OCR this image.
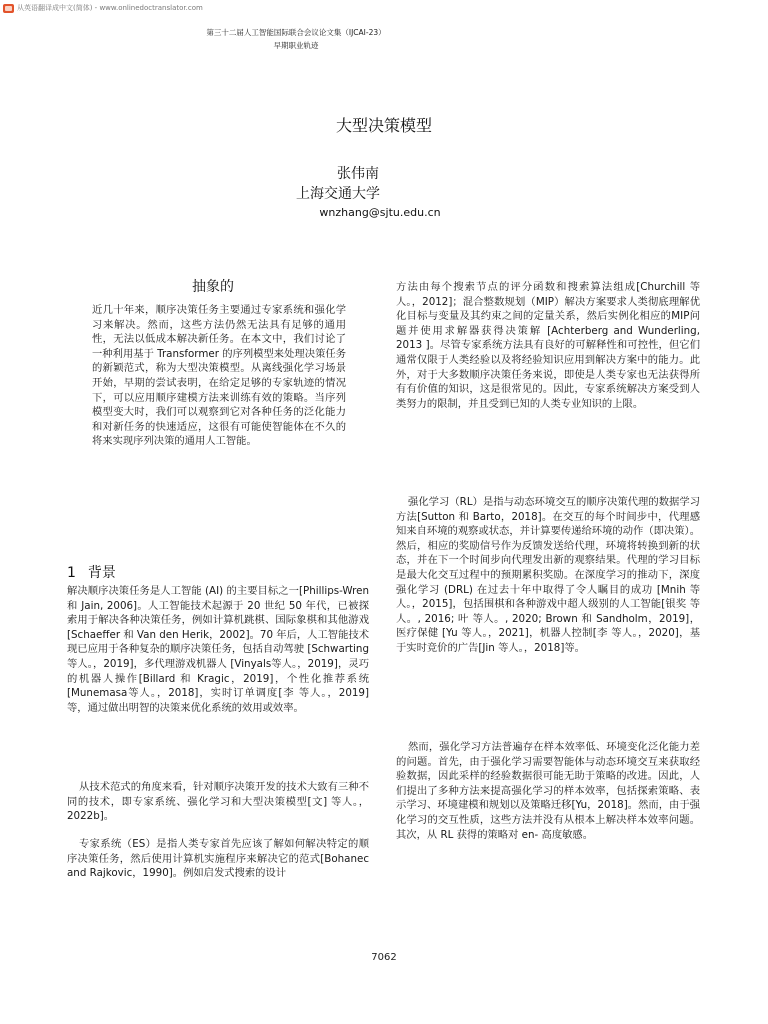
从英语翻译成中文(简体) - www.onlinedoctranslator.com
第三十二届人工智能国际联合会议论文集（IJCAI-23）
早期职业轨迹
大型决策模型
张伟南
上海交通大学
wnzhang@sjtu.edu.cn
抽象的

近几十年来，顺序决策任务主要通过专家系统和强化学习来解决。然而，这些方法仍然无法具有足够的通用性，无法以低成本解决新任务。在本文中，我们讨论了一种利用基于 Transformer 的序列模型来处理决策任务的新颖范式，称为大型决策模型。从离线强化学习场景开始，早期的尝试表明，在给定足够的专家轨迹的情况下，可以应用顺序建模方法来训练有效的策略。当序列模型变大时，我们可以观察到它对各种任务的泛化能力和对新任务的快速适应，这很有可能使智能体在不久的将来实现序列决策的通用人工智能。

1 背景

解决顺序决策任务是人工智能 (AI) 的主要目标之一[Phillips-Wren 和 Jain, 2006]。人工智能技术起源于 20 世纪 50 年代，已被探索用于解决各种决策任务，例如计算机跳棋、国际象棋和其他游戏 [Schaeffer 和 Van den Herik，2002]。70 年后，人工智能技术现已应用于各种复杂的顺序决策任务，包括自动驾驶 [Schwarting 等人。，2019]，多代理游戏机器人 [Vinyals等人。，2019]，灵巧的机器人操作[Billard 和 Kragic，2019]，个性化推荐系统[Munemasa等人。，2018]，实时订单调度[李 等人。，2019]等，通过做出明智的决策来优化系统的效用或效率。

从技术范式的角度来看，针对顺序决策开发的技术大致有三种不同的技术，即专家系统、强化学习和大型决策模型[文] 等人。，2022b]。

专家系统（ES）是指人类专家首先应该了解如何解决特定的顺序决策任务，然后使用计算机实施程序来解决它的范式[Bohanec and Rajkovic，1990]。例如启发式搜索的设计

方法由每个搜索节点的评分函数和搜索算法组成[Churchill 等人。，2012]；混合整数规划（MIP）解决方案要求人类彻底理解优化目标与变量及其约束之间的定量关系，然后实例化相应的MIP问题并使用求解器获得决策解 [Achterberg and Wunderling, 2013 ]。尽管专家系统方法具有良好的可解释性和可控性，但它们通常仅限于人类经验以及将经验知识应用到解决方案中的能力。此外，对于大多数顺序决策任务来说，即使是人类专家也无法获得所有有价值的知识，这是很常见的。因此，专家系统解决方案受到人类努力的限制，并且受到已知的人类专业知识的上限。

强化学习（RL）是指与动态环境交互的顺序决策代理的数据学习方法[Sutton 和 Barto，2018]。在交互的每个时间步中，代理感知来自环境的观察或状态，并计算要传递给环境的动作（即决策）。然后，相应的奖励信号作为反馈发送给代理，环境将转换到新的状态，并在下一个时间步向代理发出新的观察结果。代理的学习目标是最大化交互过程中的预期累积奖励。在深度学习的推动下，深度强化学习 (DRL) 在过去十年中取得了令人瞩目的成功 [Mnih 等人。，2015]，包括围棋和各种游戏中超人级别的人工智能[银奖 等人。, 2016; 叶 等人。, 2020; Brown 和 Sandholm，2019]，医疗保健 [Yu 等人。，2021]，机器人控制[李 等人。，2020]，基于实时竞价的广告[Jin 等人。，2018]等。

然而，强化学习方法普遍存在样本效率低、环境变化泛化能力差的问题。首先，由于强化学习需要智能体与动态环境交互来获取经验数据，因此采样的经验数据很可能无助于策略的改进。因此，人们提出了多种方法来提高强化学习的样本效率，包括探索策略、表示学习、环境建模和规划以及策略迁移[Yu，2018]。然而，由于强化学习的交互性质，这些方法并没有从根本上解决样本效率问题。其次，从 RL 获得的策略对 en- 高度敏感。

7062
